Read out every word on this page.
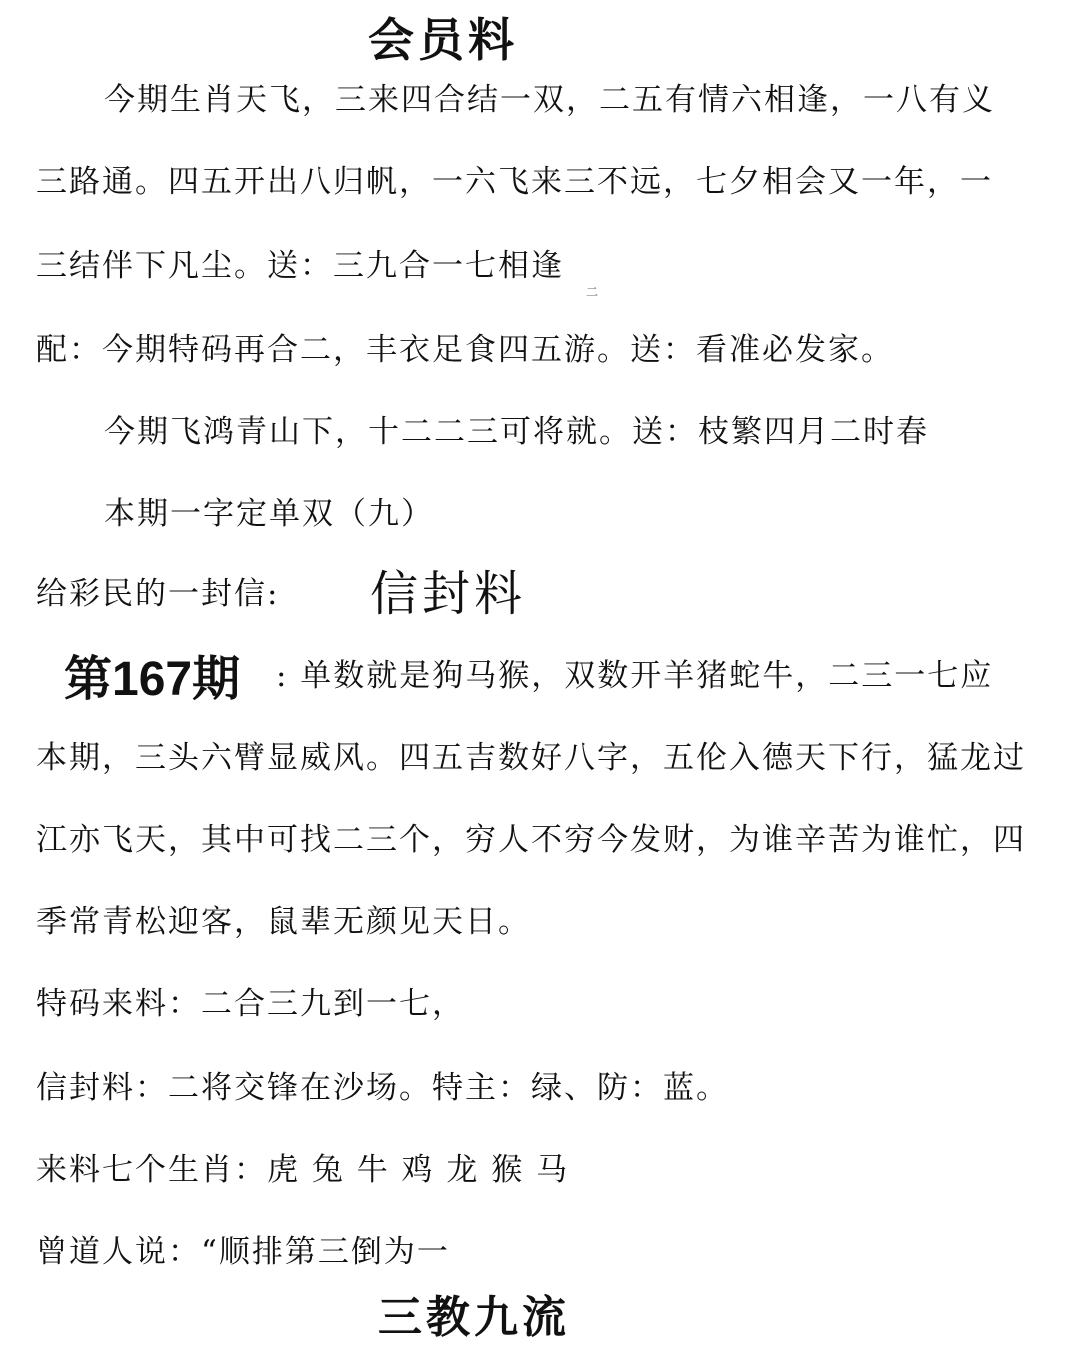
会员料
今期生肖天飞，三来四合结一双，二五有情六相逢，一八有义
三路通。四五开出八归帆，一六飞来三不远，七夕相会又一年，一
三结伴下凡尘。送：三九合一七相逢
二
配：今期特码再合二，丰衣足食四五游。送：看准必发家。
今期飞鸿青山下，十二二三可将就。送：枝繁四月二时春
本期一字定单双（九）
给彩民的一封信: 信封料
第167期 : 单数就是狗马猴，双数开羊猪蛇牛，二三一七应
本期，三头六臂显威风。四五吉数好八字，五伦入德天下行，猛龙过
江亦飞天，其中可找二三个，穷人不穷今发财，为谁辛苦为谁忙，四
季常青松迎客，鼠辈无颜见天日。
特码来料：二合三九到一七，
信封料：二将交锋在沙场。特主：绿、防：蓝。
来料七个生肖：虎 兔 牛 鸡 龙 猴 马
曾道人说：“顺排第三倒为一
三教九流
